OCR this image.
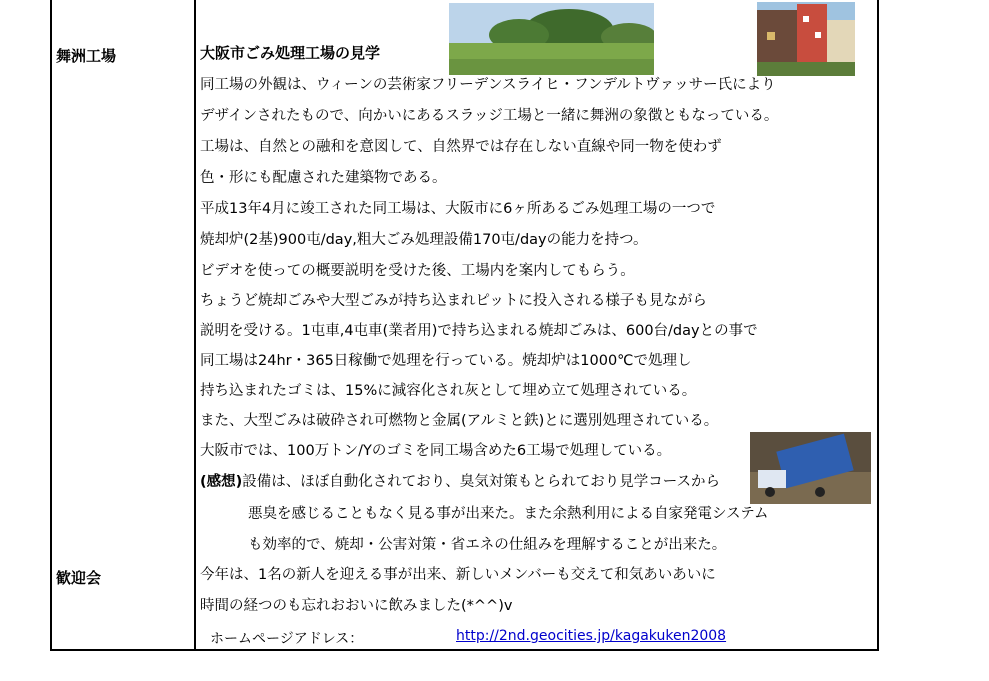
舞洲工場
歓迎会
大阪市ごみ処理工場の見学
同工場の外観は、ウィーンの芸術家フリーデンスライヒ・フンデルトヴァッサー氏により
デザインされたもので、向かいにあるスラッジ工場と一緒に舞洲の象徴ともなっている。
工場は、自然との融和を意図して、自然界では存在しない直線や同一物を使わず
色・形にも配慮された建築物である。
平成13年4月に竣工された同工場は、大阪市に6ヶ所あるごみ処理工場の一つで
焼却炉(2基)900屯/day,粗大ごみ処理設備170屯/dayの能力を持つ。
ビデオを使っての概要説明を受けた後、工場内を案内してもらう。
ちょうど焼却ごみや大型ごみが持ち込まれピットに投入される様子も見ながら
説明を受ける。1屯車,4屯車(業者用)で持ち込まれる焼却ごみは、600台/dayとの事で
同工場は24hr・365日稼働で処理を行っている。焼却炉は1000℃で処理し
持ち込まれたゴミは、15%に減容化され灰として埋め立て処理されている。
また、大型ごみは破砕され可燃物と金属(アルミと鉄)とに選別処理されている。
大阪市では、100万トン/Yのゴミを同工場含めた6工場で処理している。
(感想)設備は、ほぼ自動化されており、臭気対策もとられており見学コースから
悪臭を感じることもなく見る事が出来た。また余熱利用による自家発電システム
も効率的で、焼却・公害対策・省エネの仕組みを理解することが出来た。
今年は、1名の新人を迎える事が出来、新しいメンバーも交えて和気あいあいに
時間の経つのも忘れおおいに飲みました(*^^)v
ホームページアドレス：	http://2nd.geocities.jp/kagakuken2008
